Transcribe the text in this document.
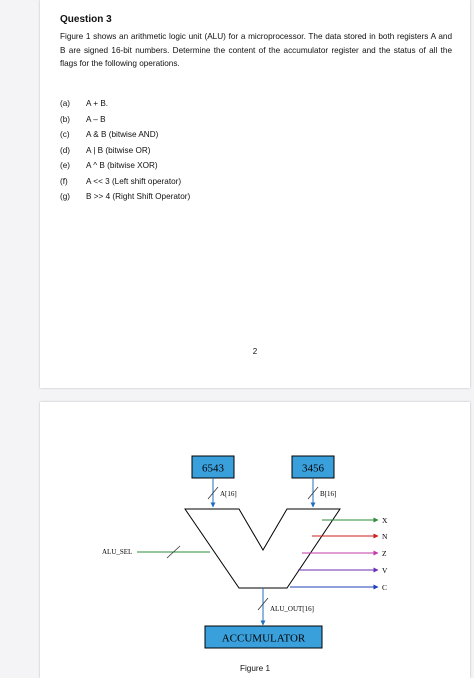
Question 3
Figure 1 shows an arithmetic logic unit (ALU) for a microprocessor. The data stored in both registers A and B are signed 16-bit numbers. Determine the content of the accumulator register and the status of all the flags for the following operations.
(a) A + B.
(b) A – B
(c) A & B (bitwise AND)
(d) A | B (bitwise OR)
(e) A ^ B (bitwise XOR)
(f) A << 3 (Left shift operator)
(g) B >> 4 (Right Shift Operator)
2
6543	3456
A[16]	B[16]
ALU_SEL
X
N
Z
V
C
ALU_OUT[16]
ACCUMULATOR
Figure 1
